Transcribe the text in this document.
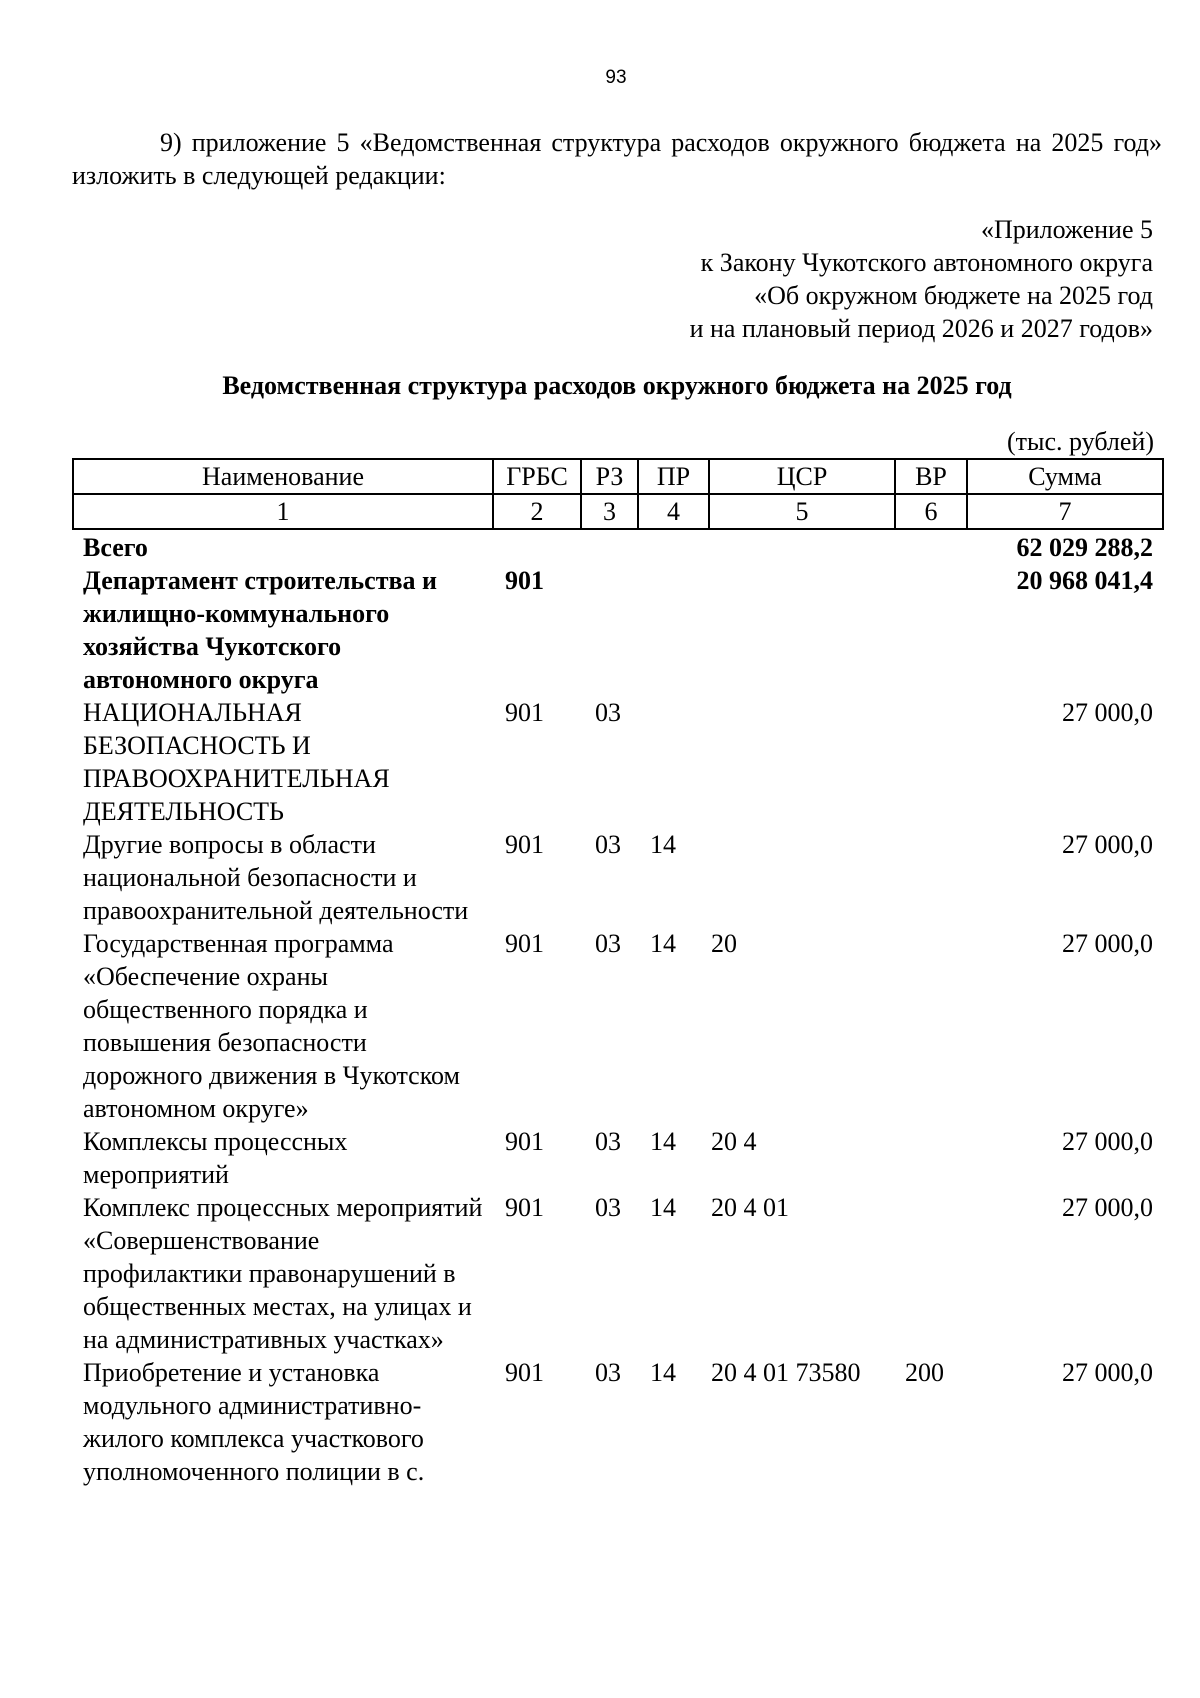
93
9) приложение 5 «Ведомственная структура расходов окружного бюджета на 2025 год» изложить в следующей редакции:
«Приложение 5
к Закону Чукотского автономного округа
«Об окружном бюджете на 2025 год
и на плановый период 2026 и 2027 годов»
Ведомственная структура расходов окружного бюджета на 2025 год
(тыс. рублей)
Наименование	ГРБС	РЗ	ПР	ЦСР	ВР	Сумма
1	2	3	4	5	6	7

Всего						62 029 288,2
Департамент строительства и жилищно-коммунального хозяйства Чукотского автономного округа	901					20 968 041,4
НАЦИОНАЛЬНАЯ БЕЗОПАСНОСТЬ И ПРАВООХРАНИТЕЛЬНАЯ ДЕЯТЕЛЬНОСТЬ	901	03				27 000,0
Другие вопросы в области национальной безопасности и правоохранительной деятельности	901	03	14			27 000,0
Государственная программа «Обеспечение охраны общественного порядка и повышения безопасности дорожного движения в Чукотском автономном округе»	901	03	14	20		27 000,0
Комплексы процессных мероприятий	901	03	14	20 4		27 000,0
Комплекс процессных мероприятий «Совершенствование профилактики правонарушений в общественных местах, на улицах и на административных участках»	901	03	14	20 4 01		27 000,0
Приобретение и установка модульного административно-жилого комплекса участкового уполномоченного полиции в с.	901	03	14	20 4 01 73580	200	27 000,0
